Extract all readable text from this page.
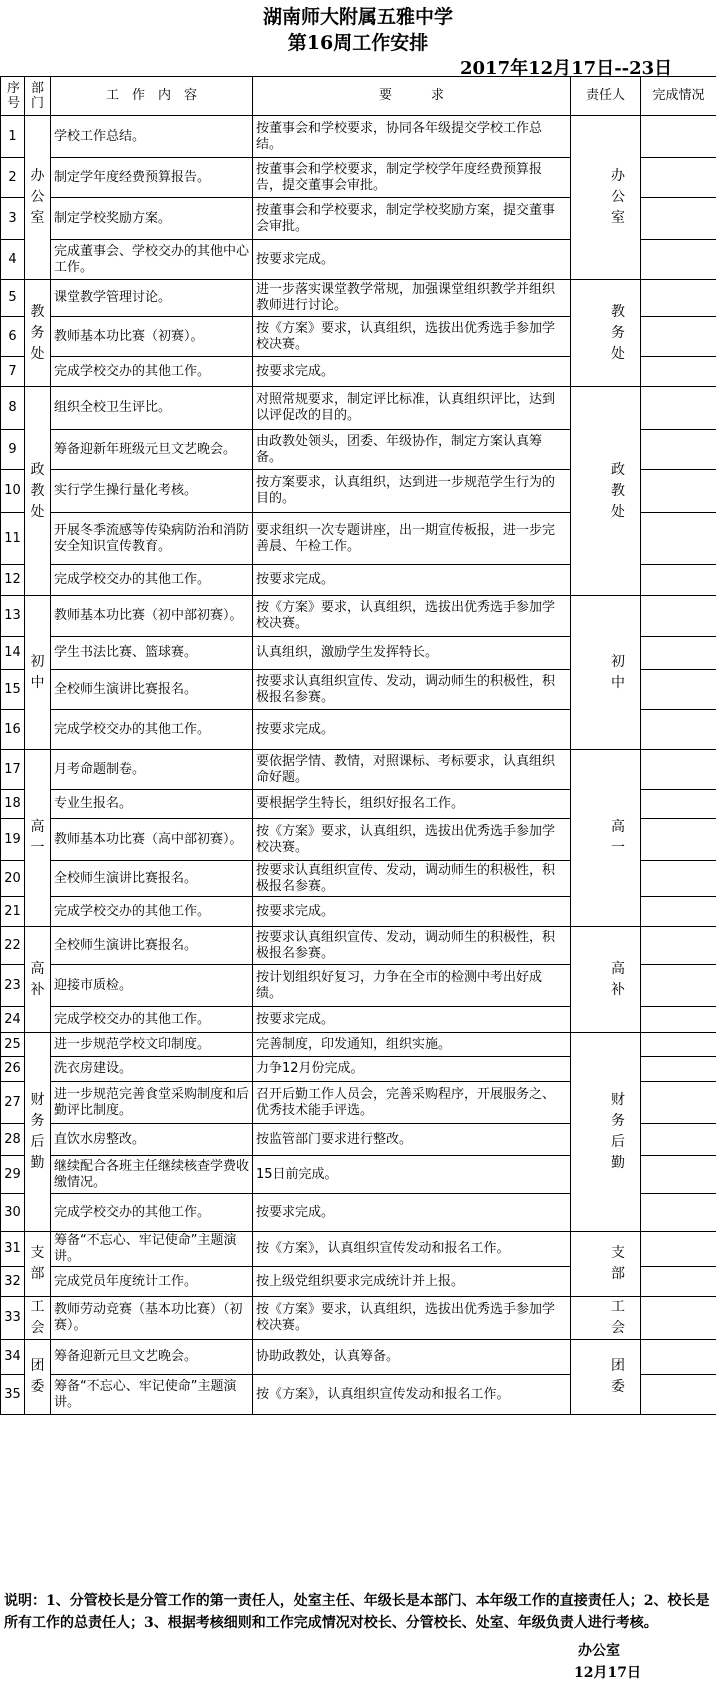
湖南师大附属五雅中学
第16周工作安排
2017年12月17日--23日
序号	部门	工　作　内　容	要　　　求	责任人	完成情况
1	办公室	学校工作总结。	按董事会和学校要求，协同各年级提交学校工作总结。	办公室	
2		制定学年度经费预算报告。	按董事会和学校要求，制定学校学年度经费预算报告，提交董事会审批。		
3		制定学校奖励方案。	按董事会和学校要求，制定学校奖励方案，提交董事会审批。		
4		完成董事会、学校交办的其他中心工作。	按要求完成。		
5	教务处	课堂教学管理讨论。	进一步落实课堂教学常规，加强课堂组织教学并组织教师进行讨论。	教务处	
6		教师基本功比赛（初赛）。	按《方案》要求，认真组织，选拔出优秀选手参加学校决赛。		
7		完成学校交办的其他工作。	按要求完成。		
8	政教处	组织全校卫生评比。	对照常规要求，制定评比标准，认真组织评比，达到以评促改的目的。	政教处	
9		筹备迎新年班级元旦文艺晚会。	由政教处领头，团委、年级协作，制定方案认真筹备。		
10		实行学生操行量化考核。	按方案要求，认真组织，达到进一步规范学生行为的目的。		
11		开展冬季流感等传染病防治和消防安全知识宣传教育。	要求组织一次专题讲座，出一期宣传板报，进一步完善晨、午检工作。		
12		完成学校交办的其他工作。	按要求完成。		
13	初中	教师基本功比赛（初中部初赛）。	按《方案》要求，认真组织，选拔出优秀选手参加学校决赛。	初中	
14		学生书法比赛、篮球赛。	认真组织，激励学生发挥特长。		
15		全校师生演讲比赛报名。	按要求认真组织宣传、发动，调动师生的积极性，积极报名参赛。		
16		完成学校交办的其他工作。	按要求完成。		
17	高一	月考命题制卷。	要依据学情、教情，对照课标、考标要求，认真组织命好题。	高一	
18		专业生报名。	要根据学生特长，组织好报名工作。		
19		教师基本功比赛（高中部初赛）。	按《方案》要求，认真组织，选拔出优秀选手参加学校决赛。		
20		全校师生演讲比赛报名。	按要求认真组织宣传、发动，调动师生的积极性，积极报名参赛。		
21		完成学校交办的其他工作。	按要求完成。		
22	高补	全校师生演讲比赛报名。	按要求认真组织宣传、发动，调动师生的积极性，积极报名参赛。	高补	
23		迎接市质检。	按计划组织好复习，力争在全市的检测中考出好成绩。		
24		完成学校交办的其他工作。	按要求完成。		
25	财务后勤	进一步规范学校文印制度。	完善制度，印发通知，组织实施。	财务后勤	
26		洗衣房建设。	力争12月份完成。		
27		进一步规范完善食堂采购制度和后勤评比制度。	召开后勤工作人员会，完善采购程序，开展服务之、优秀技术能手评选。		
28		直饮水房整改。	按监管部门要求进行整改。		
29		继续配合各班主任继续核查学费收缴情况。	15日前完成。		
30		完成学校交办的其他工作。	按要求完成。		
31	支部	筹备“不忘心、牢记使命”主题演讲。	按《方案》，认真组织宣传发动和报名工作。	支部	
32		完成党员年度统计工作。	按上级党组织要求完成统计并上报。		
33	工会	教师劳动竞赛（基本功比赛）（初赛）。	按《方案》要求，认真组织，选拔出优秀选手参加学校决赛。	工会	
34	团委	筹备迎新元旦文艺晚会。	协助政教处，认真筹备。	团委	
35		筹备“不忘心、牢记使命”主题演讲。	按《方案》，认真组织宣传发动和报名工作。		
说明：1、分管校长是分管工作的第一责任人，处室主任、年级长是本部门、本年级工作的直接责任人；2、校长是所有工作的总责任人；3、根据考核细则和工作完成情况对校长、分管校长、处室、年级负责人进行考核。
办公室
12月17日
